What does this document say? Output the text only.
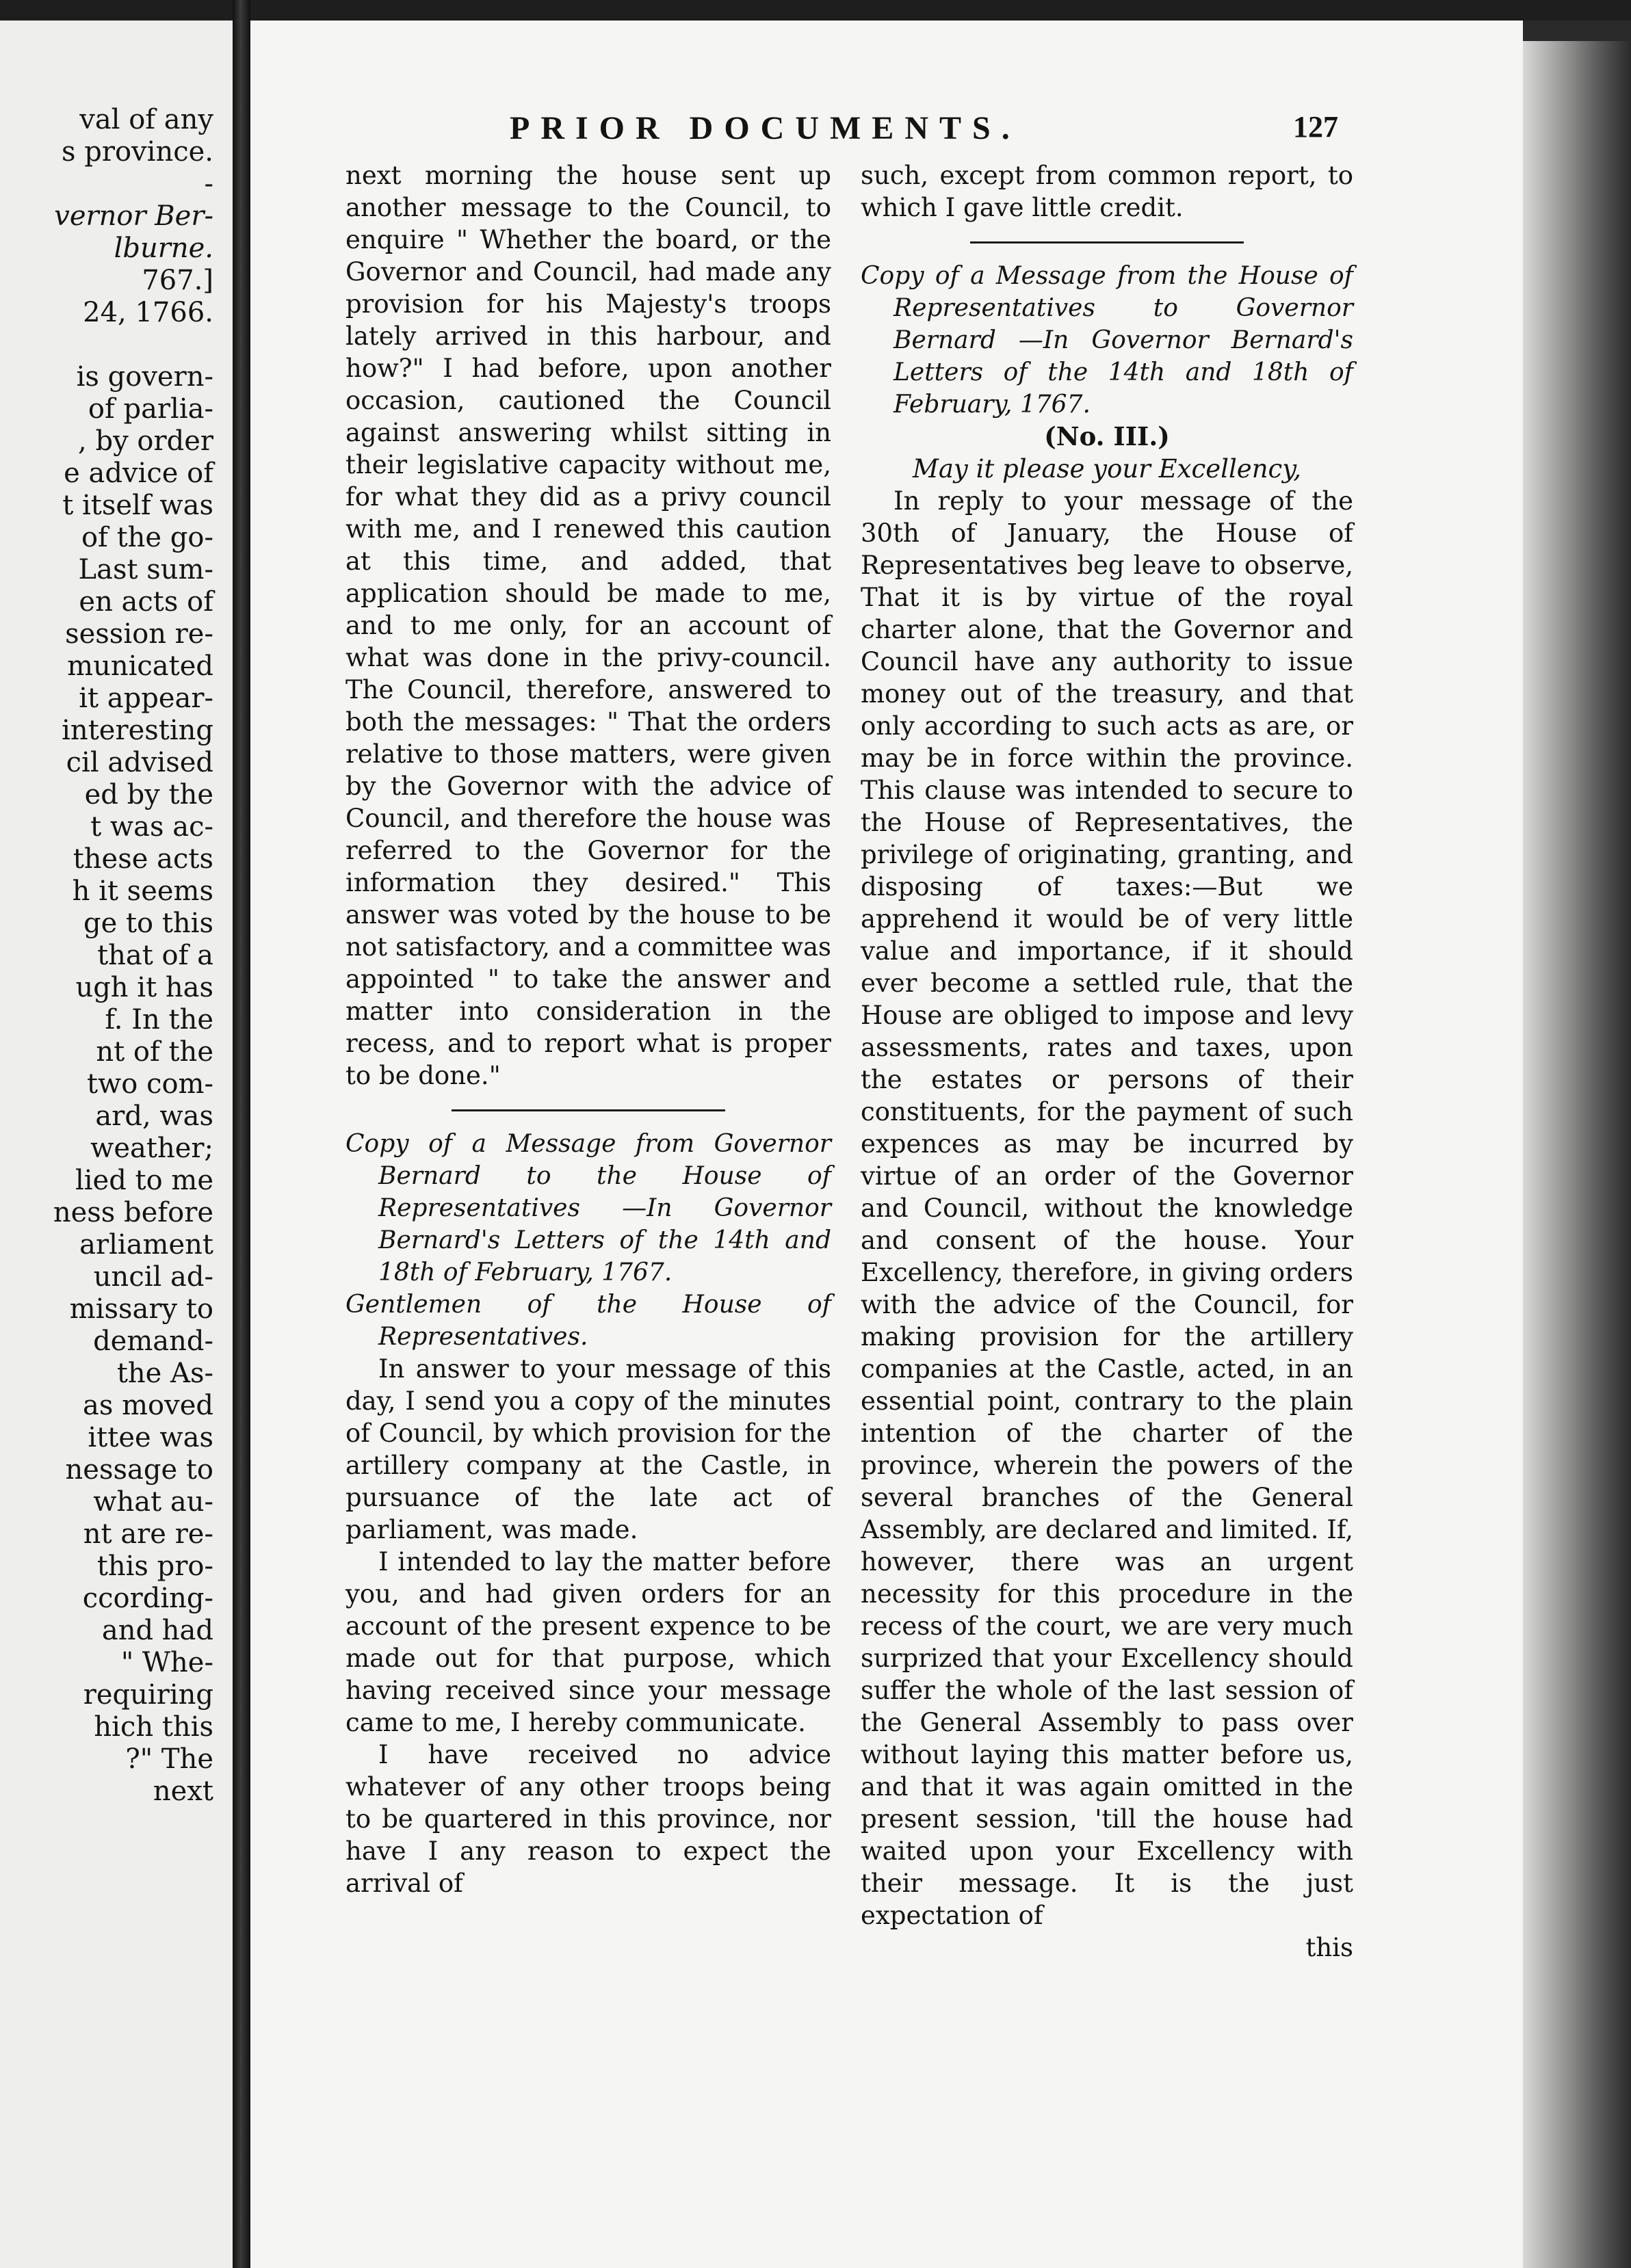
val of any
s province.
-
vernor Ber-
lburne.
767.]
24, 1766.
is govern-
of parlia-
, by order
e advice of
t itself was
of the go-
Last sum-
en acts of
session re-
municated
it appear-
interesting
cil advised
ed by the
t was ac-
these acts
h it seems
ge to this
that of a
ugh it has
f. In the
nt of the
two com-
ard, was
weather;
lied to me
ness before
arliament
uncil ad-
missary to
demand-
the As-
as moved
ittee was
nessage to
what au-
nt are re-
this pro-
ccording-
and had
" Whe-
requiring
hich this
?" The
next
PRIOR DOCUMENTS.	127

next morning the house sent up another message to the Council, to enquire " Whether the board, or the Governor and Council, had made any provision for his Majesty's troops lately arrived in this harbour, and how?" I had before, upon another occasion, cautioned the Council against answering whilst sitting in their legislative capacity without me, for what they did as a privy council with me, and I renewed this caution at this time, and added, that application should be made to me, and to me only, for an account of what was done in the privy-council. The Council, therefore, answered to both the messages: " That the orders relative to those matters, were given by the Governor with the advice of Council, and therefore the house was referred to the Governor for the information they desired." This answer was voted by the house to be not satisfactory, and a committee was appointed " to take the answer and matter into consideration in the recess, and to report what is proper to be done."

Copy of a Message from Governor Bernard to the House of Representatives —In Governor Bernard's Letters of the 14th and 18th of February, 1767.

Gentlemen of the House of Representatives.

In answer to your message of this day, I send you a copy of the minutes of Council, by which provision for the artillery company at the Castle, in pursuance of the late act of parliament, was made.

I intended to lay the matter before you, and had given orders for an account of the present expence to be made out for that purpose, which having received since your message came to me, I hereby communicate.

I have received no advice whatever of any other troops being to be quartered in this province, nor have I any reason to expect the arrival of

such, except from common report, to which I gave little credit.

Copy of a Message from the House of Representatives to Governor Bernard —In Governor Bernard's Letters of the 14th and 18th of February, 1767.

(No. III.)

May it please your Excellency,

In reply to your message of the 30th of January, the House of Representatives beg leave to observe, That it is by virtue of the royal charter alone, that the Governor and Council have any authority to issue money out of the treasury, and that only according to such acts as are, or may be in force within the province. This clause was intended to secure to the House of Representatives, the privilege of originating, granting, and disposing of taxes:—But we apprehend it would be of very little value and importance, if it should ever become a settled rule, that the House are obliged to impose and levy assessments, rates and taxes, upon the estates or persons of their constituents, for the payment of such expences as may be incurred by virtue of an order of the Governor and Council, without the knowledge and consent of the house. Your Excellency, therefore, in giving orders with the advice of the Council, for making provision for the artillery companies at the Castle, acted, in an essential point, contrary to the plain intention of the charter of the province, wherein the powers of the several branches of the General Assembly, are declared and limited. If, however, there was an urgent necessity for this procedure in the recess of the court, we are very much surprized that your Excellency should suffer the whole of the last session of the General Assembly to pass over without laying this matter before us, and that it was again omitted in the present session, 'till the house had waited upon your Excellency with their message. It is the just expectation of

this
